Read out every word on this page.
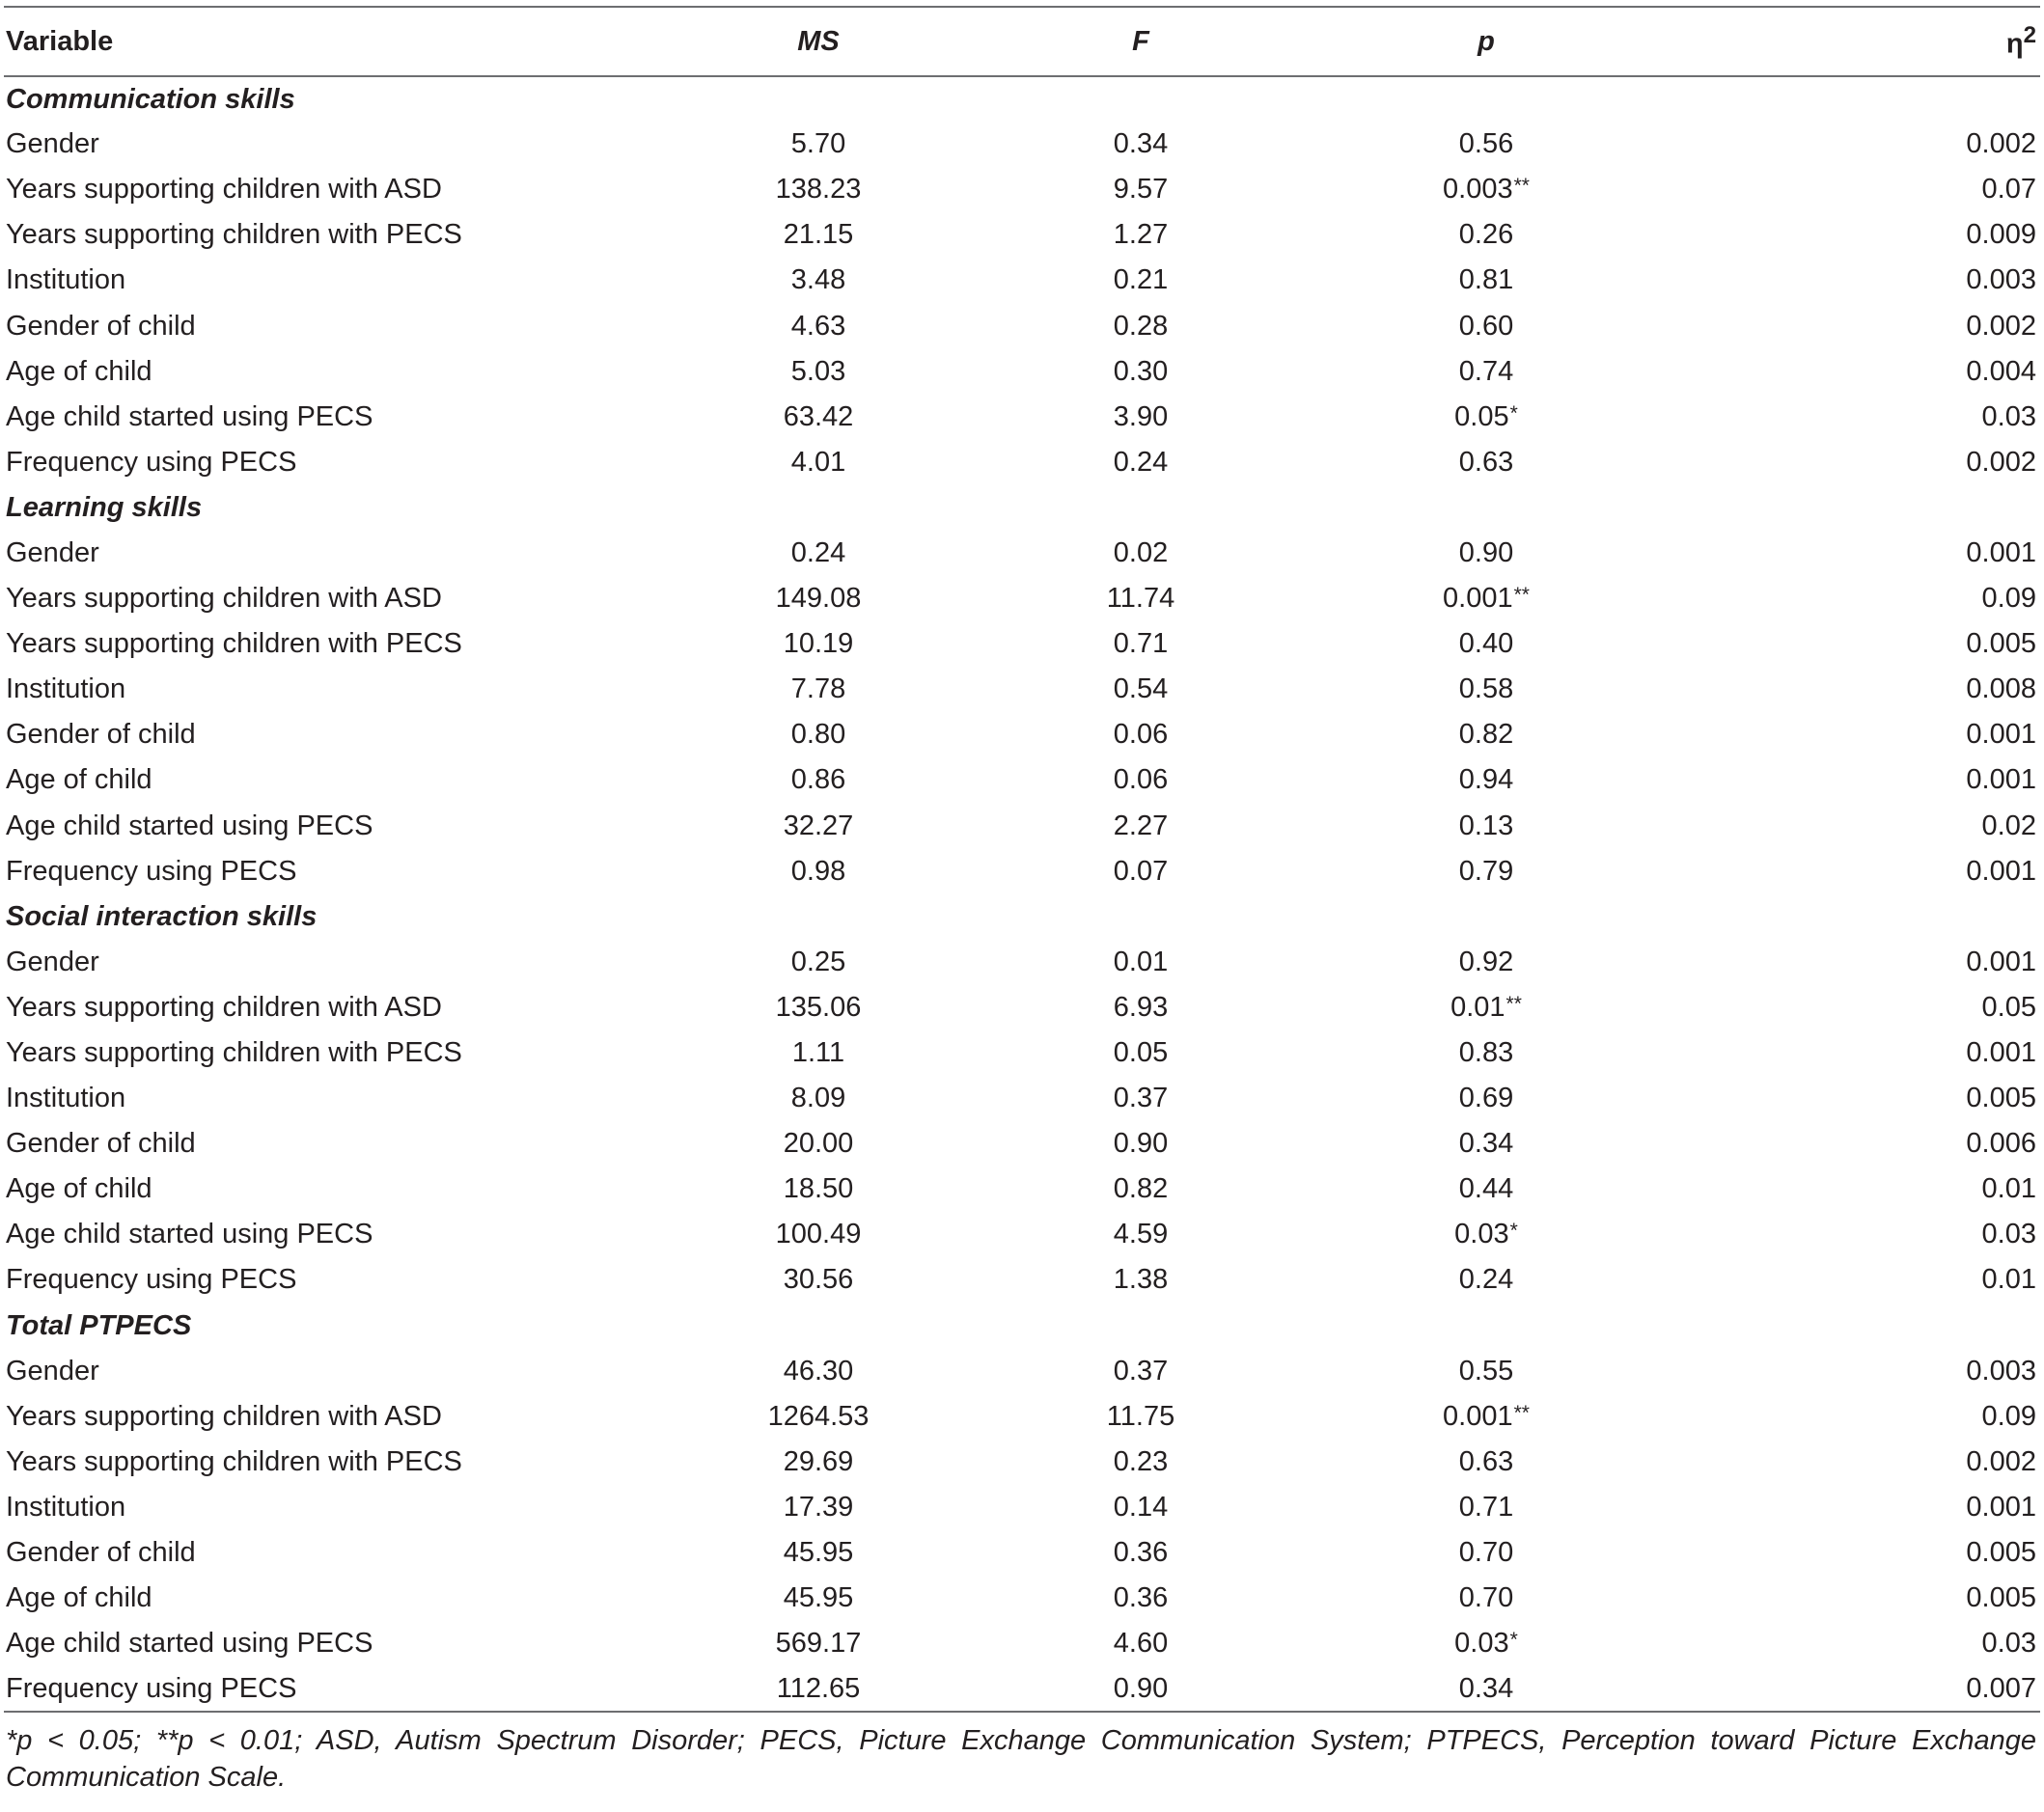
Variable	MS	F	p	$\eta^2$
Communication skills				
Gender	5.70	0.34	0.56	0.002
Years supporting children with ASD	138.23	9.57	0.003**	0.07
Years supporting children with PECS	21.15	1.27	0.26	0.009
Institution	3.48	0.21	0.81	0.003
Gender of child	4.63	0.28	0.60	0.002
Age of child	5.03	0.30	0.74	0.004
Age child started using PECS	63.42	3.90	0.05*	0.03
Frequency using PECS	4.01	0.24	0.63	0.002
Learning skills				
Gender	0.24	0.02	0.90	0.001
Years supporting children with ASD	149.08	11.74	0.001**	0.09
Years supporting children with PECS	10.19	0.71	0.40	0.005
Institution	7.78	0.54	0.58	0.008
Gender of child	0.80	0.06	0.82	0.001
Age of child	0.86	0.06	0.94	0.001
Age child started using PECS	32.27	2.27	0.13	0.02
Frequency using PECS	0.98	0.07	0.79	0.001
Social interaction skills				
Gender	0.25	0.01	0.92	0.001
Years supporting children with ASD	135.06	6.93	0.01**	0.05
Years supporting children with PECS	1.11	0.05	0.83	0.001
Institution	8.09	0.37	0.69	0.005
Gender of child	20.00	0.90	0.34	0.006
Age of child	18.50	0.82	0.44	0.01
Age child started using PECS	100.49	4.59	0.03*	0.03
Frequency using PECS	30.56	1.38	0.24	0.01
Total PTPECS				
Gender	46.30	0.37	0.55	0.003
Years supporting children with ASD	1264.53	11.75	0.001**	0.09
Years supporting children with PECS	29.69	0.23	0.63	0.002
Institution	17.39	0.14	0.71	0.001
Gender of child	45.95	0.36	0.70	0.005
Age of child	45.95	0.36	0.70	0.005
Age child started using PECS	569.17	4.60	0.03*	0.03
Frequency using PECS	112.65	0.90	0.34	0.007
*p < 0.05; **p < 0.01; ASD, Autism Spectrum Disorder; PECS, Picture Exchange Communication System; PTPECS, Perception toward Picture Exchange Communication Scale.
